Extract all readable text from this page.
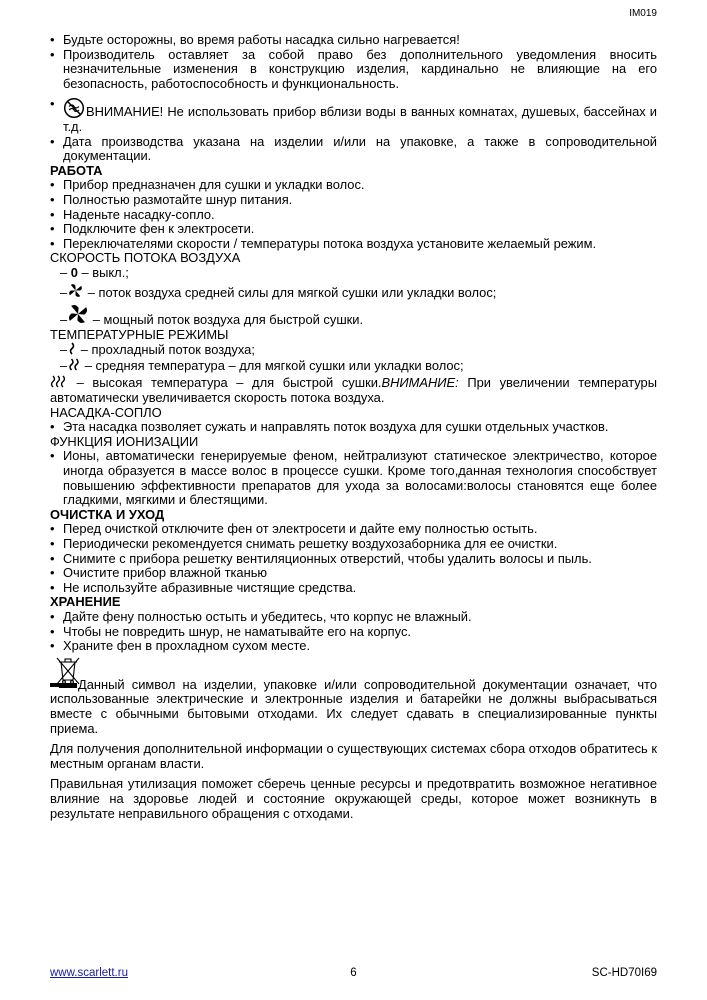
IM019

• Будьте осторожны, во время работы насадка сильно нагревается!

• Производитель оставляет за собой право без дополнительного уведомления вносить незначительные изменения в конструкцию изделия, кардинально не влияющие на его безопасность, работоспособность и функциональность.

• ВНИМАНИЕ! Не использовать прибор вблизи воды в ванных комнатах, душевых, бассейнах и т.д.

• Дата производства указана на изделии и/или на упаковке, а также в сопроводительной документации.

РАБОТА

• Прибор предназначен для сушки и укладки волос.

• Полностью размотайте шнур питания.

• Наденьте насадку-сопло.

• Подключите фен к электросети.

• Переключателями скорости / температуры потока воздуха установите желаемый режим.

СКОРОСТЬ ПОТОКА ВОЗДУХА

– 0 – выкл.;

– – поток воздуха средней силы для мягкой сушки или укладки волос;

– – мощный поток воздуха для быстрой сушки.

ТЕМПЕРАТУРНЫЕ РЕЖИМЫ

– – прохладный поток воздуха;

– – средняя температура – для мягкой сушки или укладки волос;

– высокая температура – для быстрой сушки.ВНИМАНИЕ: При увеличении температуры автоматически увеличивается скорость потока воздуха.

НАСАДКА-СОПЛО

• Эта насадка позволяет сужать и направлять поток воздуха для сушки отдельных участков.

ФУНКЦИЯ ИОНИЗАЦИИ

• Ионы, автоматически генерируемые феном, нейтрализуют статическое электричество, которое иногда образуется в массе волос в процессе сушки. Кроме того,данная технология способствует повышению эффективности препаратов для ухода за волосами:волосы становятся еще более гладкими, мягкими и блестящими.

ОЧИСТКА И УХОД

• Перед очисткой отключите фен от электросети и дайте ему полностью остыть.

• Периодически рекомендуется снимать решетку воздухозаборника для ее очистки.

• Снимите с прибора решетку вентиляционных отверстий, чтобы удалить волосы и пыль.

• Очистите прибор влажной тканью

• Не используйте абразивные чистящие средства.

ХРАНЕНИЕ

• Дайте фену полностью остыть и убедитесь, что корпус не влажный.

• Чтобы не повредить шнур, не наматывайте его на корпус.

• Храните фен в прохладном сухом месте.

Данный символ на изделии, упаковке и/или сопроводительной документации означает, что использованные электрические и электронные изделия и батарейки не должны выбрасываться вместе с обычными бытовыми отходами. Их следует сдавать в специализированные пункты приема.

Для получения дополнительной информации о существующих системах сбора отходов обратитесь к местным органам власти.

Правильная утилизация поможет сберечь ценные ресурсы и предотвратить возможное негативное влияние на здоровье людей и состояние окружающей среды, которое может возникнуть в результате неправильного обращения с отходами.

www.scarlett.ru	6	SC-HD70I69
